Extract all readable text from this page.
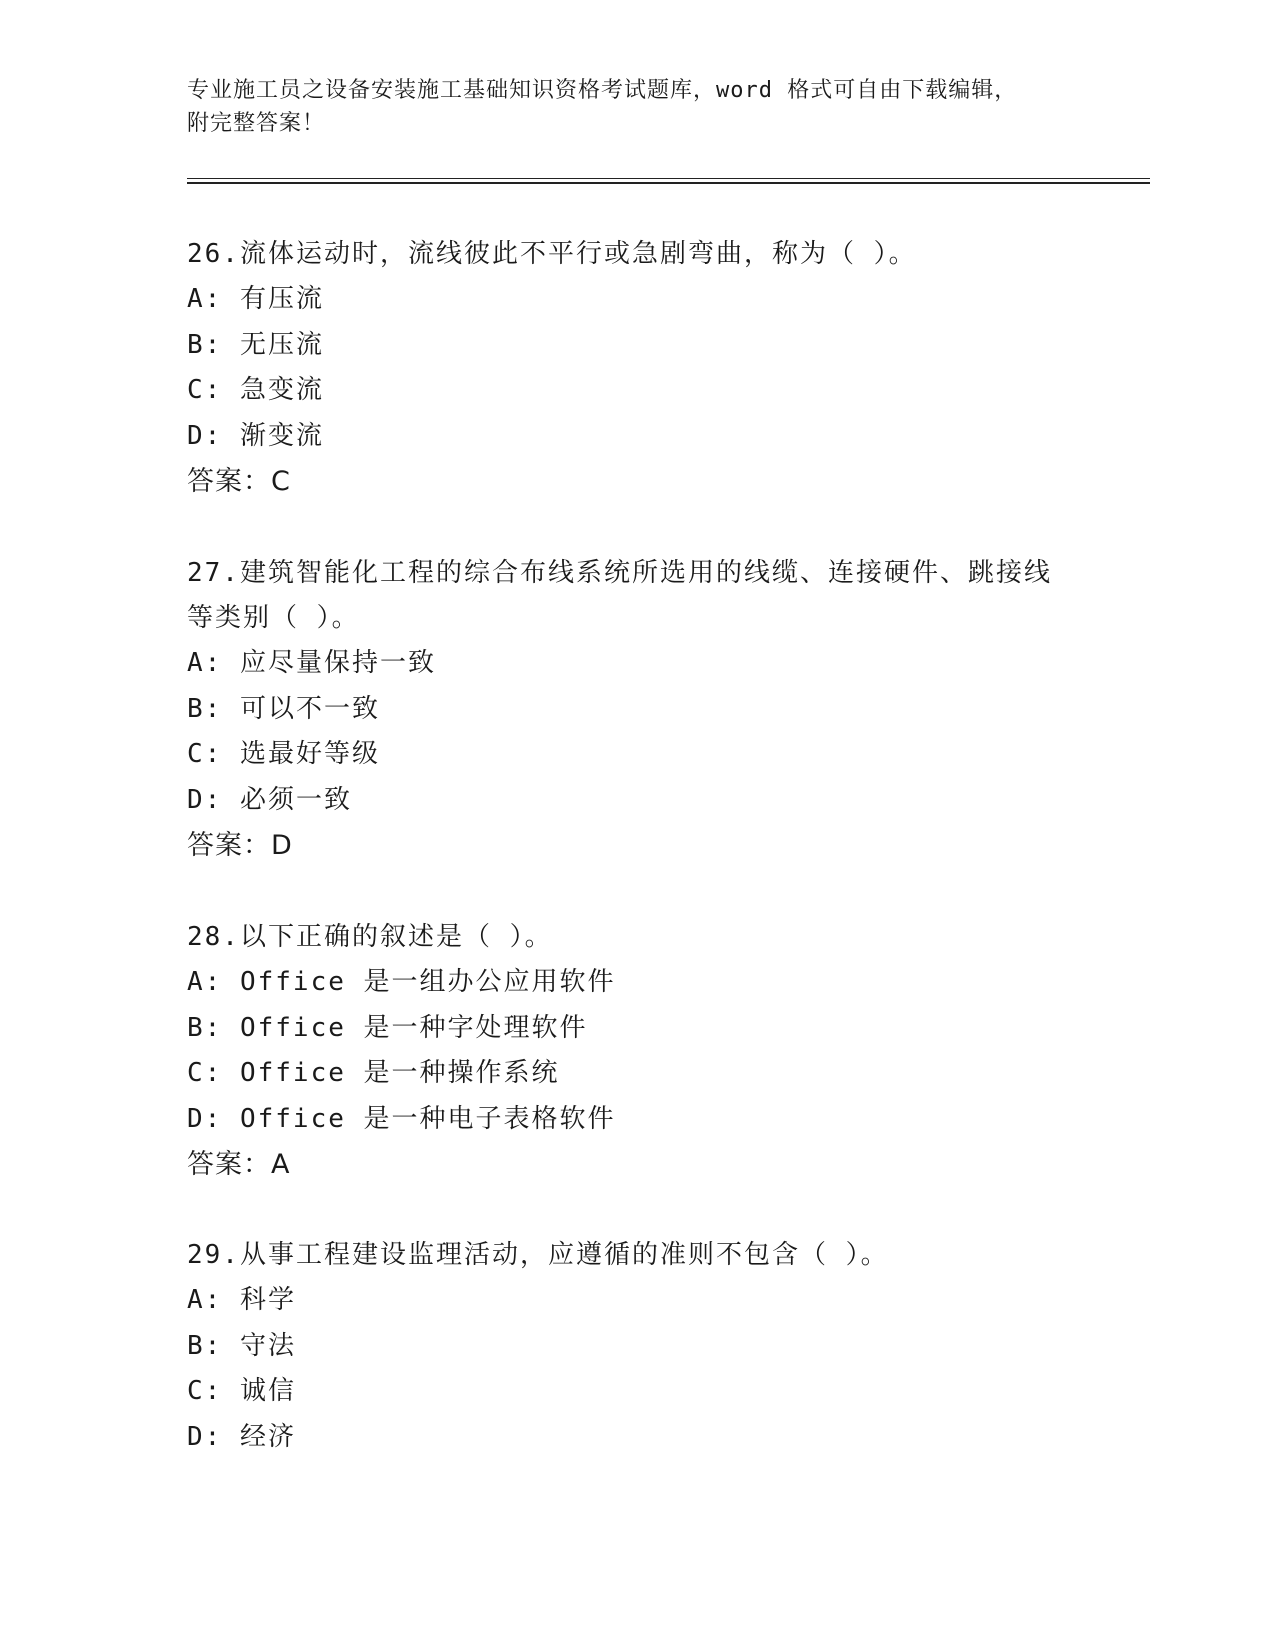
专业施工员之设备安装施工基础知识资格考试题库，word 格式可自由下载编辑，
附完整答案！

26.流体运动时，流线彼此不平行或急剧弯曲，称为（ ）。

A: 有压流

B: 无压流

C: 急变流

D: 渐变流

答案：C

27.建筑智能化工程的综合布线系统所选用的线缆、连接硬件、跳接线

等类别（ ）。

A: 应尽量保持一致

B: 可以不一致

C: 选最好等级

D: 必须一致

答案：D

28.以下正确的叙述是（ ）。

A: Office 是一组办公应用软件

B: Office 是一种字处理软件

C: Office 是一种操作系统

D: Office 是一种电子表格软件

答案：A

29.从事工程建设监理活动，应遵循的准则不包含（ ）。

A: 科学

B: 守法

C: 诚信

D: 经济
